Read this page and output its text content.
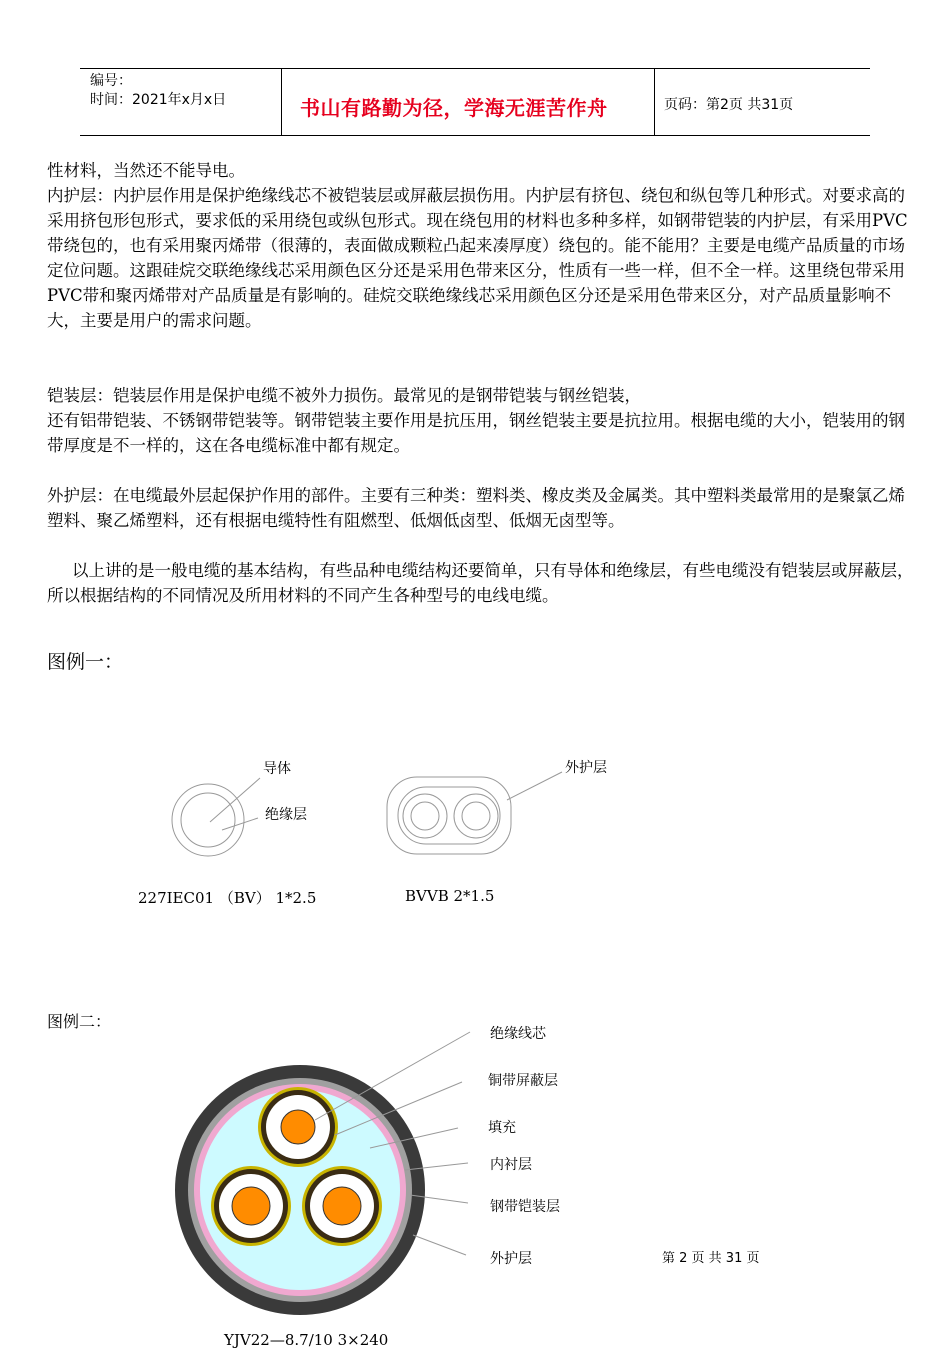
编号：
时间：2021年x月x日	书山有路勤为径，学海无涯苦作舟	页码：第2页 共31页

性材料，当然还不能导电。

内护层：内护层作用是保护绝缘线芯不被铠装层或屏蔽层损伤用。内护层有挤包、绕包和纵包等几种形式。对要求高的采用挤包形包形式，要求低的采用绕包或纵包形式。现在绕包用的材料也多种多样，如钢带铠装的内护层，有采用PVC带绕包的，也有采用聚丙烯带（很薄的，表面做成颗粒凸起来凑厚度）绕包的。能不能用？主要是电缆产品质量的市场定位问题。这跟硅烷交联绝缘线芯采用颜色区分还是采用色带来区分，性质有一些一样，但不全一样。这里绕包带采用PVC带和聚丙烯带对产品质量是有影响的。硅烷交联绝缘线芯采用颜色区分还是采用色带来区分，对产品质量影响不大，主要是用户的需求问题。

铠装层：铠装层作用是保护电缆不被外力损伤。最常见的是钢带铠装与钢丝铠装，

还有铝带铠装、不锈钢带铠装等。钢带铠装主要作用是抗压用，钢丝铠装主要是抗拉用。根据电缆的大小，铠装用的钢带厚度是不一样的，这在各电缆标准中都有规定。

外护层：在电缆最外层起保护作用的部件。主要有三种类：塑料类、橡皮类及金属类。其中塑料类最常用的是聚氯乙烯塑料、聚乙烯塑料，还有根据电缆特性有阻燃型、低烟低卤型、低烟无卤型等。

以上讲的是一般电缆的基本结构，有些品种电缆结构还要简单，只有导体和绝缘层，有些电缆没有铠装层或屏蔽层，所以根据结构的不同情况及所用材料的不同产生各种型号的电线电缆。

图例一：
导体
绝缘层
外护层
227IEC01 （BV） 1*2.5	BVVB 2*1.5
图例二：
绝缘线芯
铜带屏蔽层
填充
内衬层
钢带铠装层
外护层	第 2 页 共 31 页
YJV22—8.7/10 3×240
